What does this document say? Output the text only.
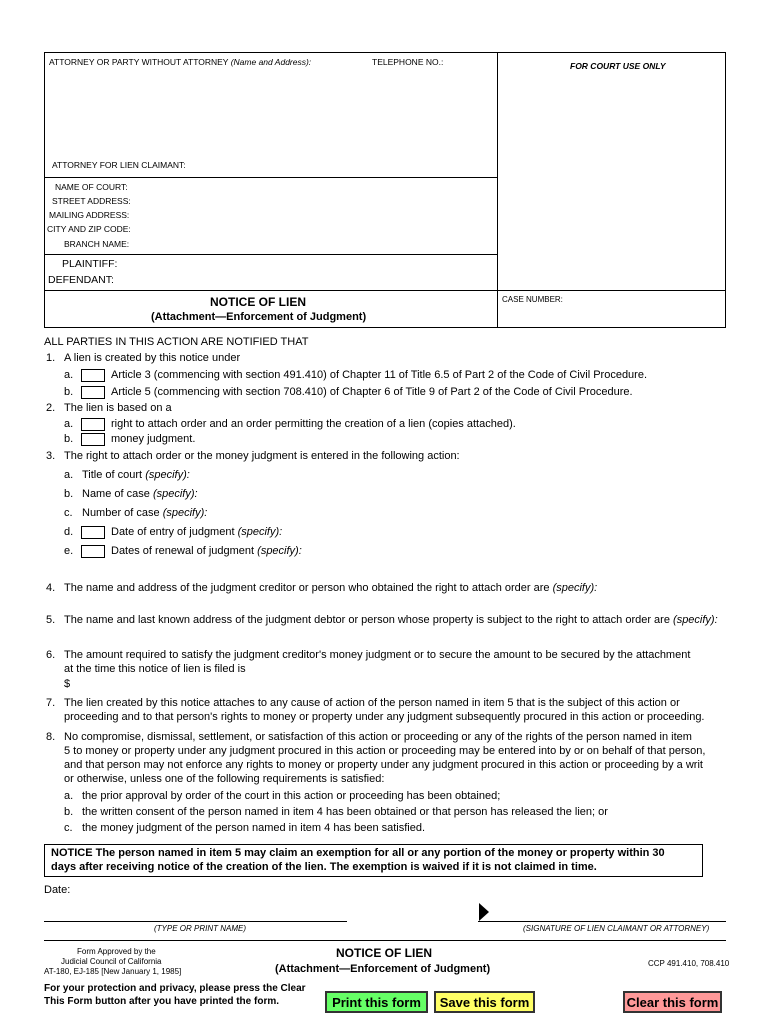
ATTORNEY OR PARTY WITHOUT ATTORNEY (Name and Address):	TELEPHONE NO.:	FOR COURT USE ONLY
ATTORNEY FOR LIEN CLAIMANT:
NAME OF COURT:
STREET ADDRESS:
MAILING ADDRESS:
CITY AND ZIP CODE:
BRANCH NAME:
PLAINTIFF:
DEFENDANT:
NOTICE OF LIEN
(Attachment—Enforcement of Judgment)
CASE NUMBER:
ALL PARTIES IN THIS ACTION ARE NOTIFIED THAT
1. A lien is created by this notice under
a.	Article 3 (commencing with section 491.410) of Chapter 11 of Title 6.5 of Part 2 of the Code of Civil Procedure.
b.	Article 5 (commencing with section 708.410) of Chapter 6 of Title 9 of Part 2 of the Code of Civil Procedure.
2. The lien is based on a
a.	right to attach order and an order permitting the creation of a lien (copies attached).
b.	money judgment.
3. The right to attach order or the money judgment is entered in the following action:
a. Title of court (specify):
b. Name of case (specify):
c. Number of case (specify):
d.	Date of entry of judgment (specify):
e.	Dates of renewal of judgment (specify):
4. The name and address of the judgment creditor or person who obtained the right to attach order are (specify):
5. The name and last known address of the judgment debtor or person whose property is subject to the right to attach order are (specify):
6. The amount required to satisfy the judgment creditor's money judgment or to secure the amount to be secured by the attachment
at the time this notice of lien is filed is
$
7. The lien created by this notice attaches to any cause of action of the person named in item 5 that is the subject of this action or
proceeding and to that person's rights to money or property under any judgment subsequently procured in this action or proceeding.
8. No compromise, dismissal, settlement, or satisfaction of this action or proceeding or any of the rights of the person named in item
5 to money or property under any judgment procured in this action or proceeding may be entered into by or on behalf of that person,
and that person may not enforce any rights to money or property under any judgment procured in this action or proceeding by a writ
or otherwise, unless one of the following requirements is satisfied:
a. the prior approval by order of the court in this action or proceeding has been obtained;
b. the written consent of the person named in item 4 has been obtained or that person has released the lien; or
c. the money judgment of the person named in item 4 has been satisfied.
NOTICE The person named in item 5 may claim an exemption for all or any portion of the money or property within 30
days after receiving notice of the creation of the lien. The exemption is waived if it is not claimed in time.
Date:
(TYPE OR PRINT NAME)	(SIGNATURE OF LIEN CLAIMANT OR ATTORNEY)
Form Approved by the
Judicial Council of California
AT-180, EJ-185 [New January 1, 1985]
NOTICE OF LIEN
(Attachment—Enforcement of Judgment)	CCP 491.410, 708.410
For your protection and privacy, please press the Clear
This Form button after you have printed the form.	Print this form	Save this form	Clear this form
